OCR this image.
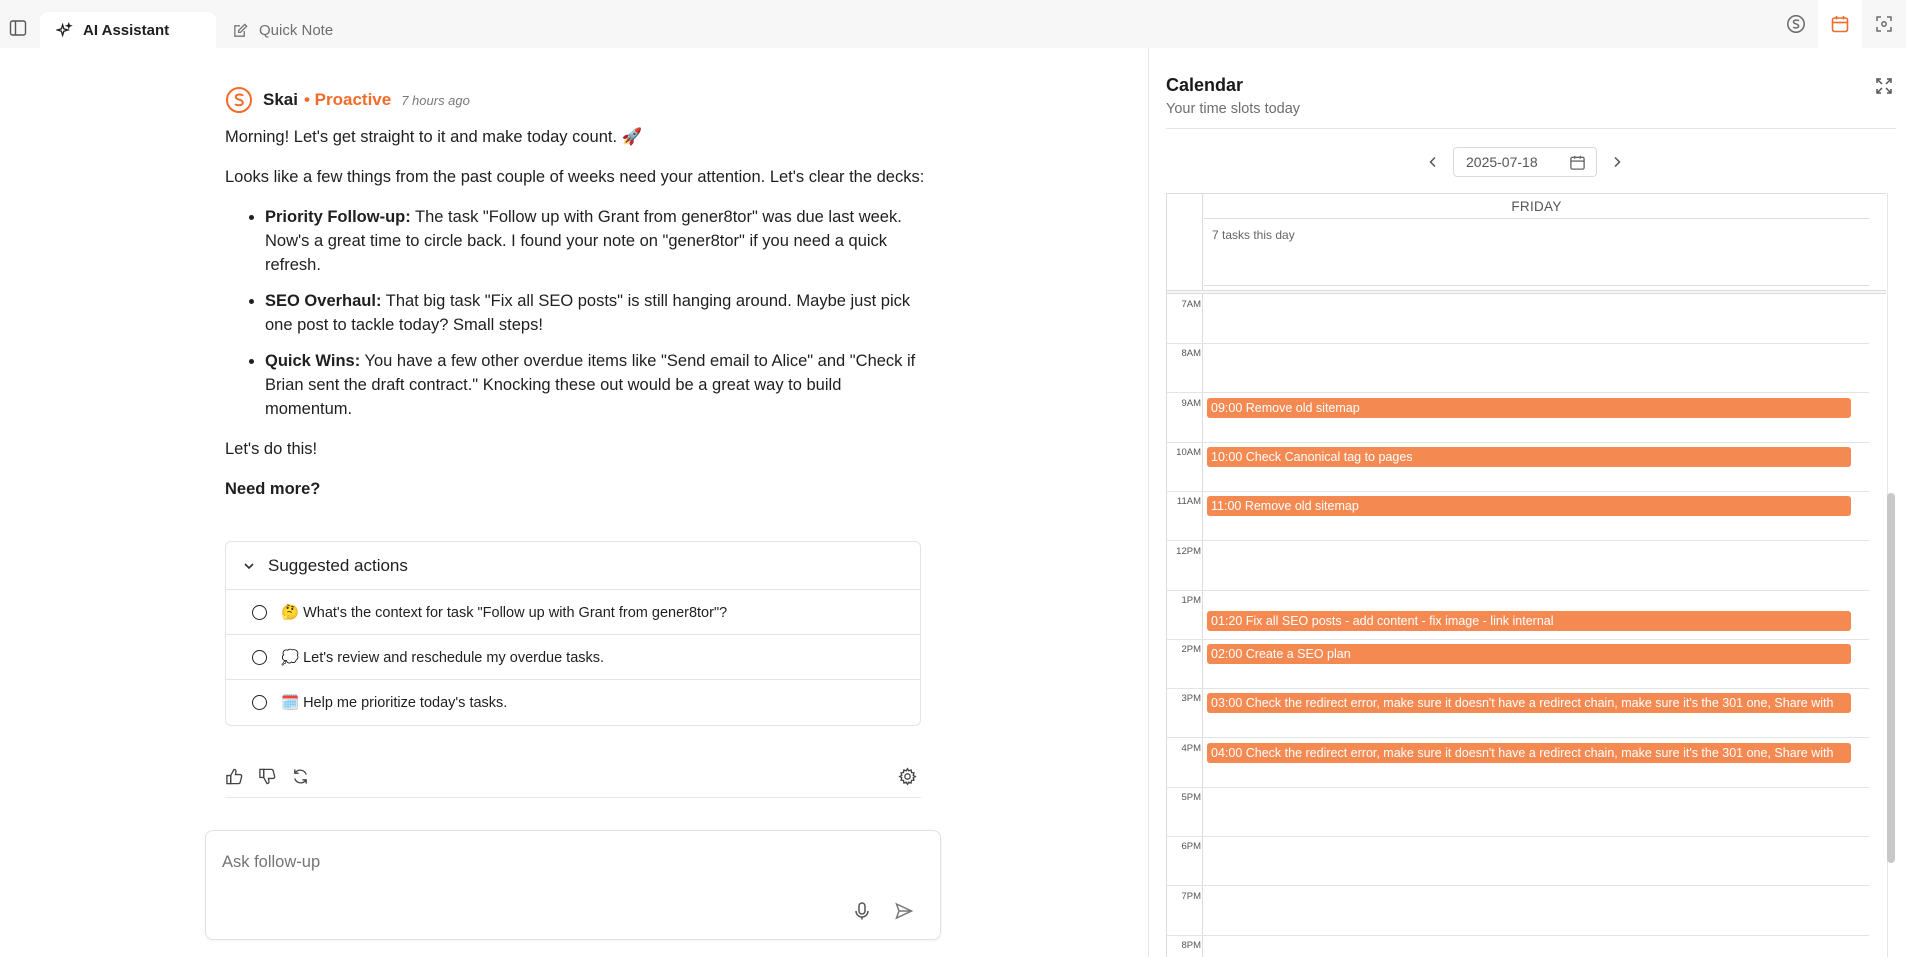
AI Assistant	Quick Note
Skai • Proactive 7 hours ago

Morning! Let's get straight to it and make today count. 🚀

Looks like a few things from the past couple of weeks need your attention. Let's clear the decks:

• Priority Follow-up: The task "Follow up with Grant from gener8tor" was due last week. Now's a great time to circle back. I found your note on "gener8tor" if you need a quick refresh.
• SEO Overhaul: That big task "Fix all SEO posts" is still hanging around. Maybe just pick one post to tackle today? Small steps!
• Quick Wins: You have a few other overdue items like "Send email to Alice" and "Check if Brian sent the draft contract." Knocking these out would be a great way to build momentum.

Let's do this!

Need more?

Suggested actions
🤔 What's the context for task "Follow up with Grant from gener8tor"?
💭 Let's review and reschedule my overdue tasks.
🗓️ Help me prioritize today's tasks.
Ask follow-up
Calendar
Your time slots today
2025-07-18
FRIDAY
7 tasks this day
7AM
8AM
9AM
10AM
11AM
12PM
1PM
2PM
3PM
4PM
5PM
6PM
7PM
8PM
09:00 Remove old sitemap
10:00 Check Canonical tag to pages
11:00 Remove old sitemap
01:20 Fix all SEO posts - add content - fix image - link internal
02:00 Create a SEO plan
03:00 Check the redirect error, make sure it doesn't have a redirect chain, make sure it's the 301 one, Share with
04:00 Check the redirect error, make sure it doesn't have a redirect chain, make sure it's the 301 one, Share with
